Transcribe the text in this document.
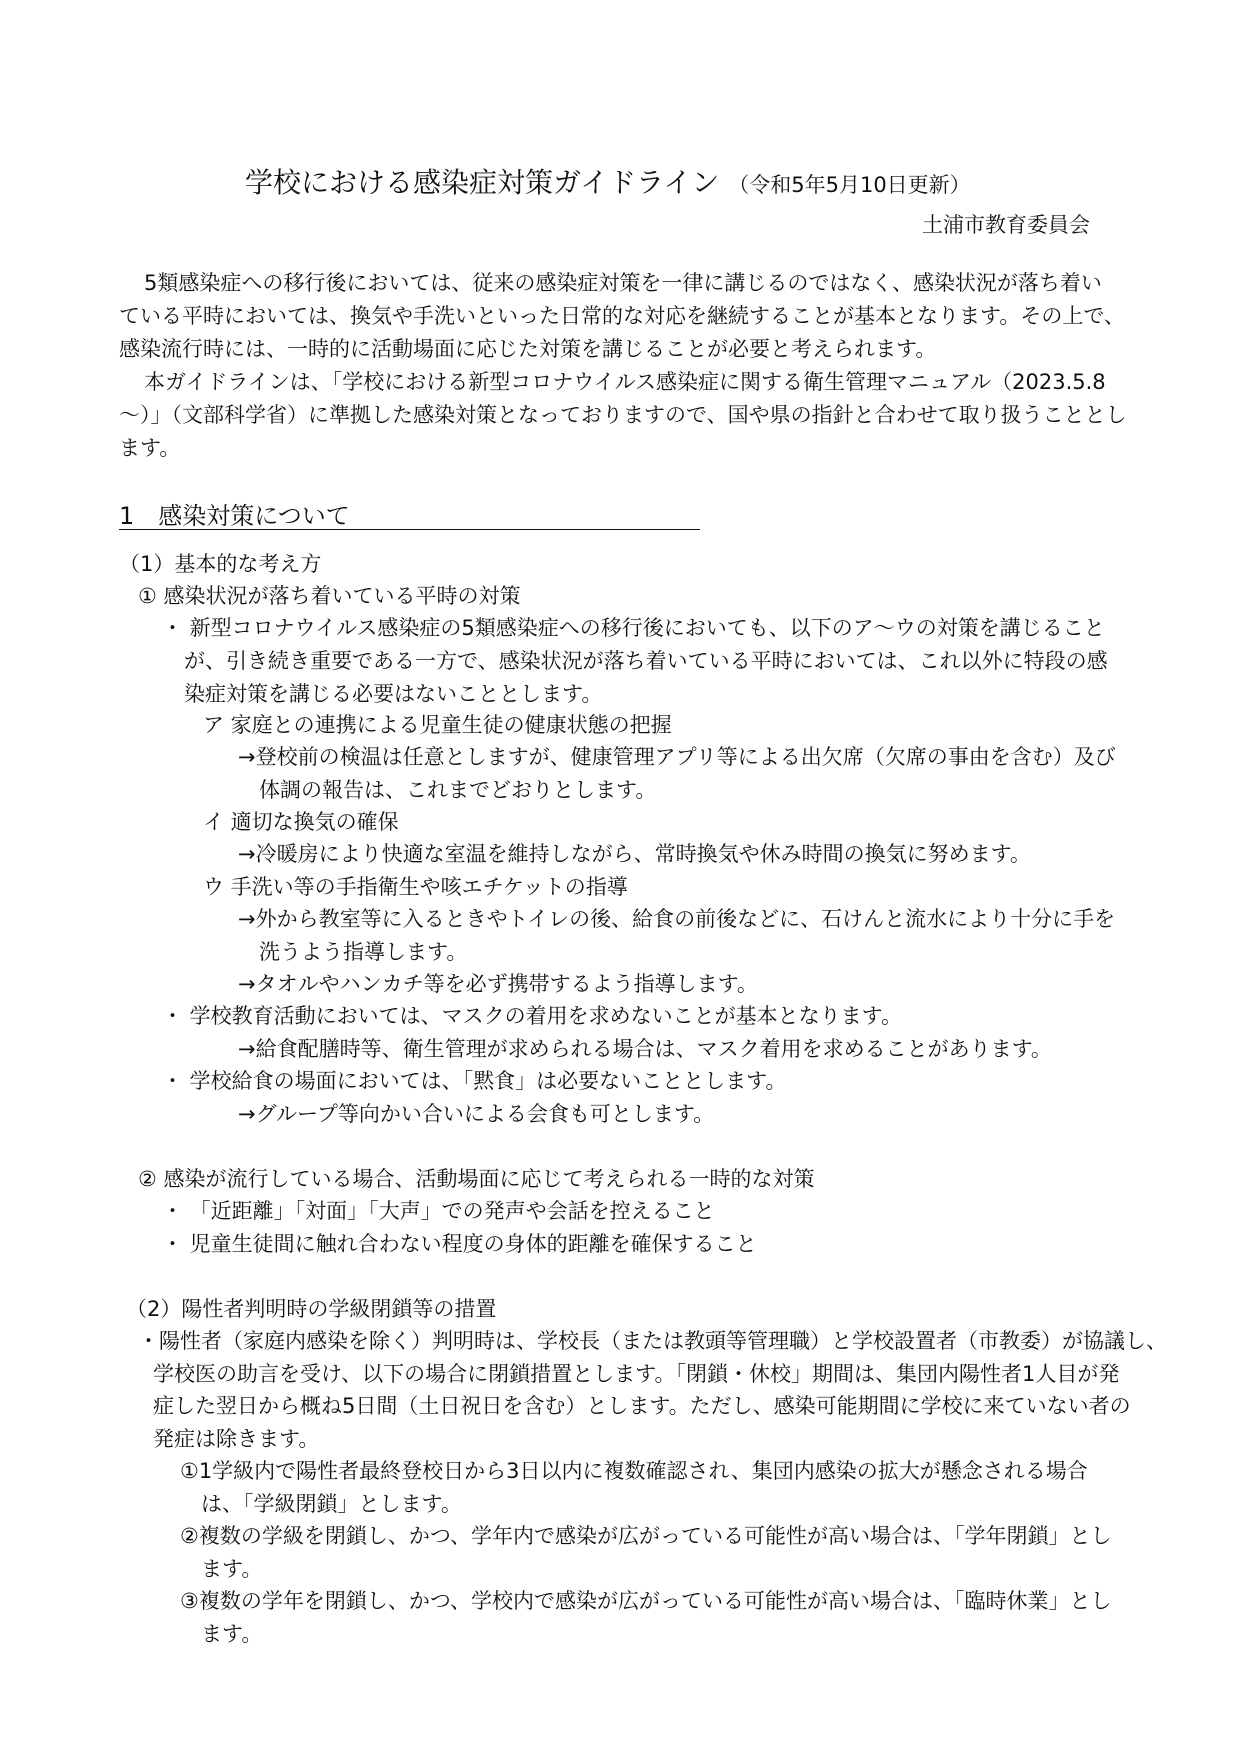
学校における感染症対策ガイドライン （令和5年5月10日更新）
土浦市教育委員会
5類感染症への移行後においては、従来の感染症対策を一律に講じるのではなく、感染状況が落ち着い
ている平時においては、換気や手洗いといった日常的な対応を継続することが基本となります。その上で、
感染流行時には、一時的に活動場面に応じた対策を講じることが必要と考えられます。
本ガイドラインは、「学校における新型コロナウイルス感染症に関する衛生管理マニュアル（2023.5.8
～）」（文部科学省）に準拠した感染対策となっておりますので、国や県の指針と合わせて取り扱うこととし
ます。
1　感染対策について
（1）基本的な考え方
① 感染状況が落ち着いている平時の対策
・ 新型コロナウイルス感染症の5類感染症への移行後においても、以下のア～ウの対策を講じること
が、引き続き重要である一方で、感染状況が落ち着いている平時においては、これ以外に特段の感
染症対策を講じる必要はないこととします。
ア 家庭との連携による児童生徒の健康状態の把握
→登校前の検温は任意としますが、健康管理アプリ等による出欠席（欠席の事由を含む）及び
体調の報告は、これまでどおりとします。
イ 適切な換気の確保
→冷暖房により快適な室温を維持しながら、常時換気や休み時間の換気に努めます。
ウ 手洗い等の手指衛生や咳エチケットの指導
→外から教室等に入るときやトイレの後、給食の前後などに、石けんと流水により十分に手を
洗うよう指導します。
→タオルやハンカチ等を必ず携帯するよう指導します。
・ 学校教育活動においては、マスクの着用を求めないことが基本となります。
→給食配膳時等、衛生管理が求められる場合は、マスク着用を求めることがあります。
・ 学校給食の場面においては、「黙食」は必要ないこととします。
→グループ等向かい合いによる会食も可とします。
② 感染が流行している場合、活動場面に応じて考えられる一時的な対策
・ 「近距離」「対面」「大声」での発声や会話を控えること
・ 児童生徒間に触れ合わない程度の身体的距離を確保すること
（2）陽性者判明時の学級閉鎖等の措置
・陽性者（家庭内感染を除く）判明時は、学校長（または教頭等管理職）と学校設置者（市教委）が協議し、
学校医の助言を受け、以下の場合に閉鎖措置とします。「閉鎖・休校」期間は、集団内陽性者1人目が発
症した翌日から概ね5日間（土日祝日を含む）とします。ただし、感染可能期間に学校に来ていない者の
発症は除きます。
①1学級内で陽性者最終登校日から3日以内に複数確認され、集団内感染の拡大が懸念される場合
は、「学級閉鎖」とします。
②複数の学級を閉鎖し、かつ、学年内で感染が広がっている可能性が高い場合は、「学年閉鎖」とし
ます。
③複数の学年を閉鎖し、かつ、学校内で感染が広がっている可能性が高い場合は、「臨時休業」とし
ます。
